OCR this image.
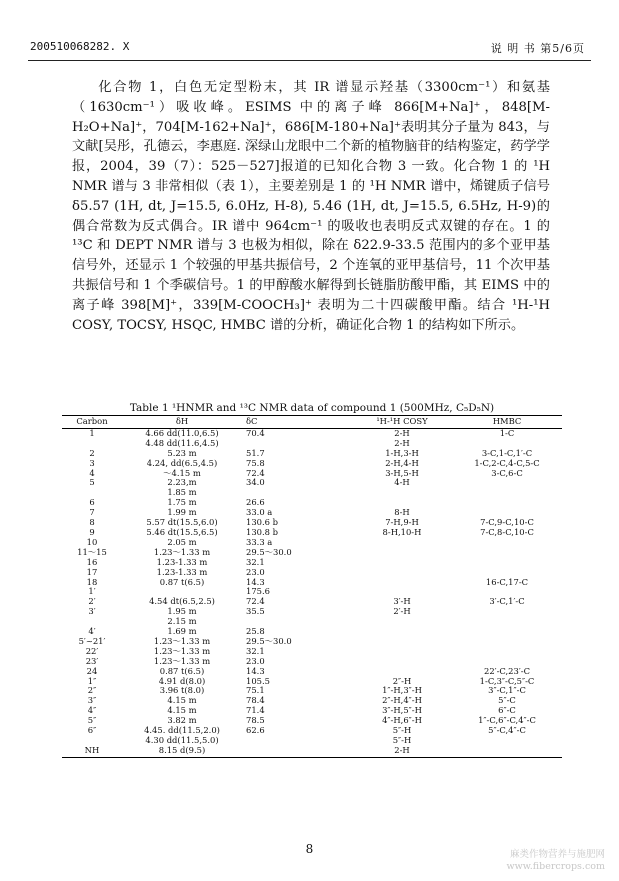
200510068282. X	说 明 书 第5/6页

化合物 1，白色无定型粉末，其 IR 谱显示羟基（3300cm⁻¹）和氨基（1630cm⁻¹）吸收峰。ESIMS 中的离子峰 866[M+Na]⁺，848[M-H₂O+Na]⁺，704[M-162+Na]⁺，686[M-180+Na]⁺表明其分子量为 843，与文献[吴彤，孔德云，李惠庭. 深绿山龙眼中二个新的植物脑苷的结构鉴定，药学学报，2004，39（7）：525－527]报道的已知化合物 3 一致。化合物 1 的 ¹H NMR 谱与 3 非常相似（表 1），主要差别是 1 的 ¹H NMR 谱中，烯键质子信号 δ5.57 (1H, dt, J=15.5, 6.0Hz, H-8), 5.46 (1H, dt, J=15.5, 6.5Hz, H-9)的偶合常数为反式偶合。IR 谱中 964cm⁻¹ 的吸收也表明反式双键的存在。1 的 ¹³C 和 DEPT NMR 谱与 3 也极为相似，除在 δ22.9-33.5 范围内的多个亚甲基信号外，还显示 1 个较强的甲基共振信号，2 个连氧的亚甲基信号，11 个次甲基共振信号和 1 个季碳信号。1 的甲醇酸水解得到长链脂肪酸甲酯，其 EIMS 中的离子峰 398[M]⁺，339[M-COOCH₃]⁺ 表明为二十四碳酸甲酯。结合 ¹H-¹H COSY, TOCSY, HSQC, HMBC 谱的分析，确证化合物 1 的结构如下所示。

Table 1 ¹HNMR and ¹³C NMR data of compound 1 (500MHz, C₅D₅N)
Carbon	δH	δC	¹H-¹H COSY	HMBC
1	4.66 dd(11.0,6.5)	70.4	2-H	1-C
	4.48 dd(11.6,4.5)		2-H	
2	5.23 m	51.7	1-H,3-H	3-C,1-C,1′-C
3	4.24, dd(6.5,4.5)	75.8	2-H,4-H	1-C,2-C,4-C,5-C
4	～4.15 m	72.4	3-H,5-H	3-C,6-C
5	2.23,m	34.0	4-H	
	1.85 m			
6	1.75 m	26.6		
7	1.99 m	33.0 a	8-H	
8	5.57 dt(15.5,6.0)	130.6 b	7-H,9-H	7-C,9-C,10-C
9	5.46 dt(15.5,6.5)	130.8 b	8-H,10-H	7-C,8-C,10-C
10	2.05 m	33.3 a		
11～15	1.23～1.33 m	29.5～30.0		
16	1.23-1.33 m	32.1		
17	1.23-1.33 m	23.0		
18	0.87 t(6.5)	14.3		16-C,17-C
1′		175.6		
2′	4.54 dt(6.5,2.5)	72.4	3′-H	3′-C,1′-C
3′	1.95 m	35.5	2′-H	
	2.15 m			
4′	1.69 m	25.8		
5′~21′	1.23～1.33 m	29.5～30.0		
22′	1.23～1.33 m	32.1		
23′	1.23～1.33 m	23.0		
24	0.87 t(6.5)	14.3		22′-C,23′-C
1″	4.91 d(8.0)	105.5	2″-H	1-C,3″-C,5″-C
2″	3.96 t(8.0)	75.1	1″-H,3″-H	3″-C,1″-C
3″	4.15 m	78.4	2″-H,4″-H	5″-C
4″	4.15 m	71.4	3″-H,5″-H	6″-C
5″	3.82 m	78.5	4″-H,6″-H	1″-C,6″-C,4″-C
6″	4.45. dd(11.5,2.0)	62.6	5″-H	5″-C,4″-C
	4.30 dd(11.5,5.0)		5″-H	
NH	8.15 d(9.5)		2-H	
8	麻类作物营养与施肥网
www.fibercrops.com
